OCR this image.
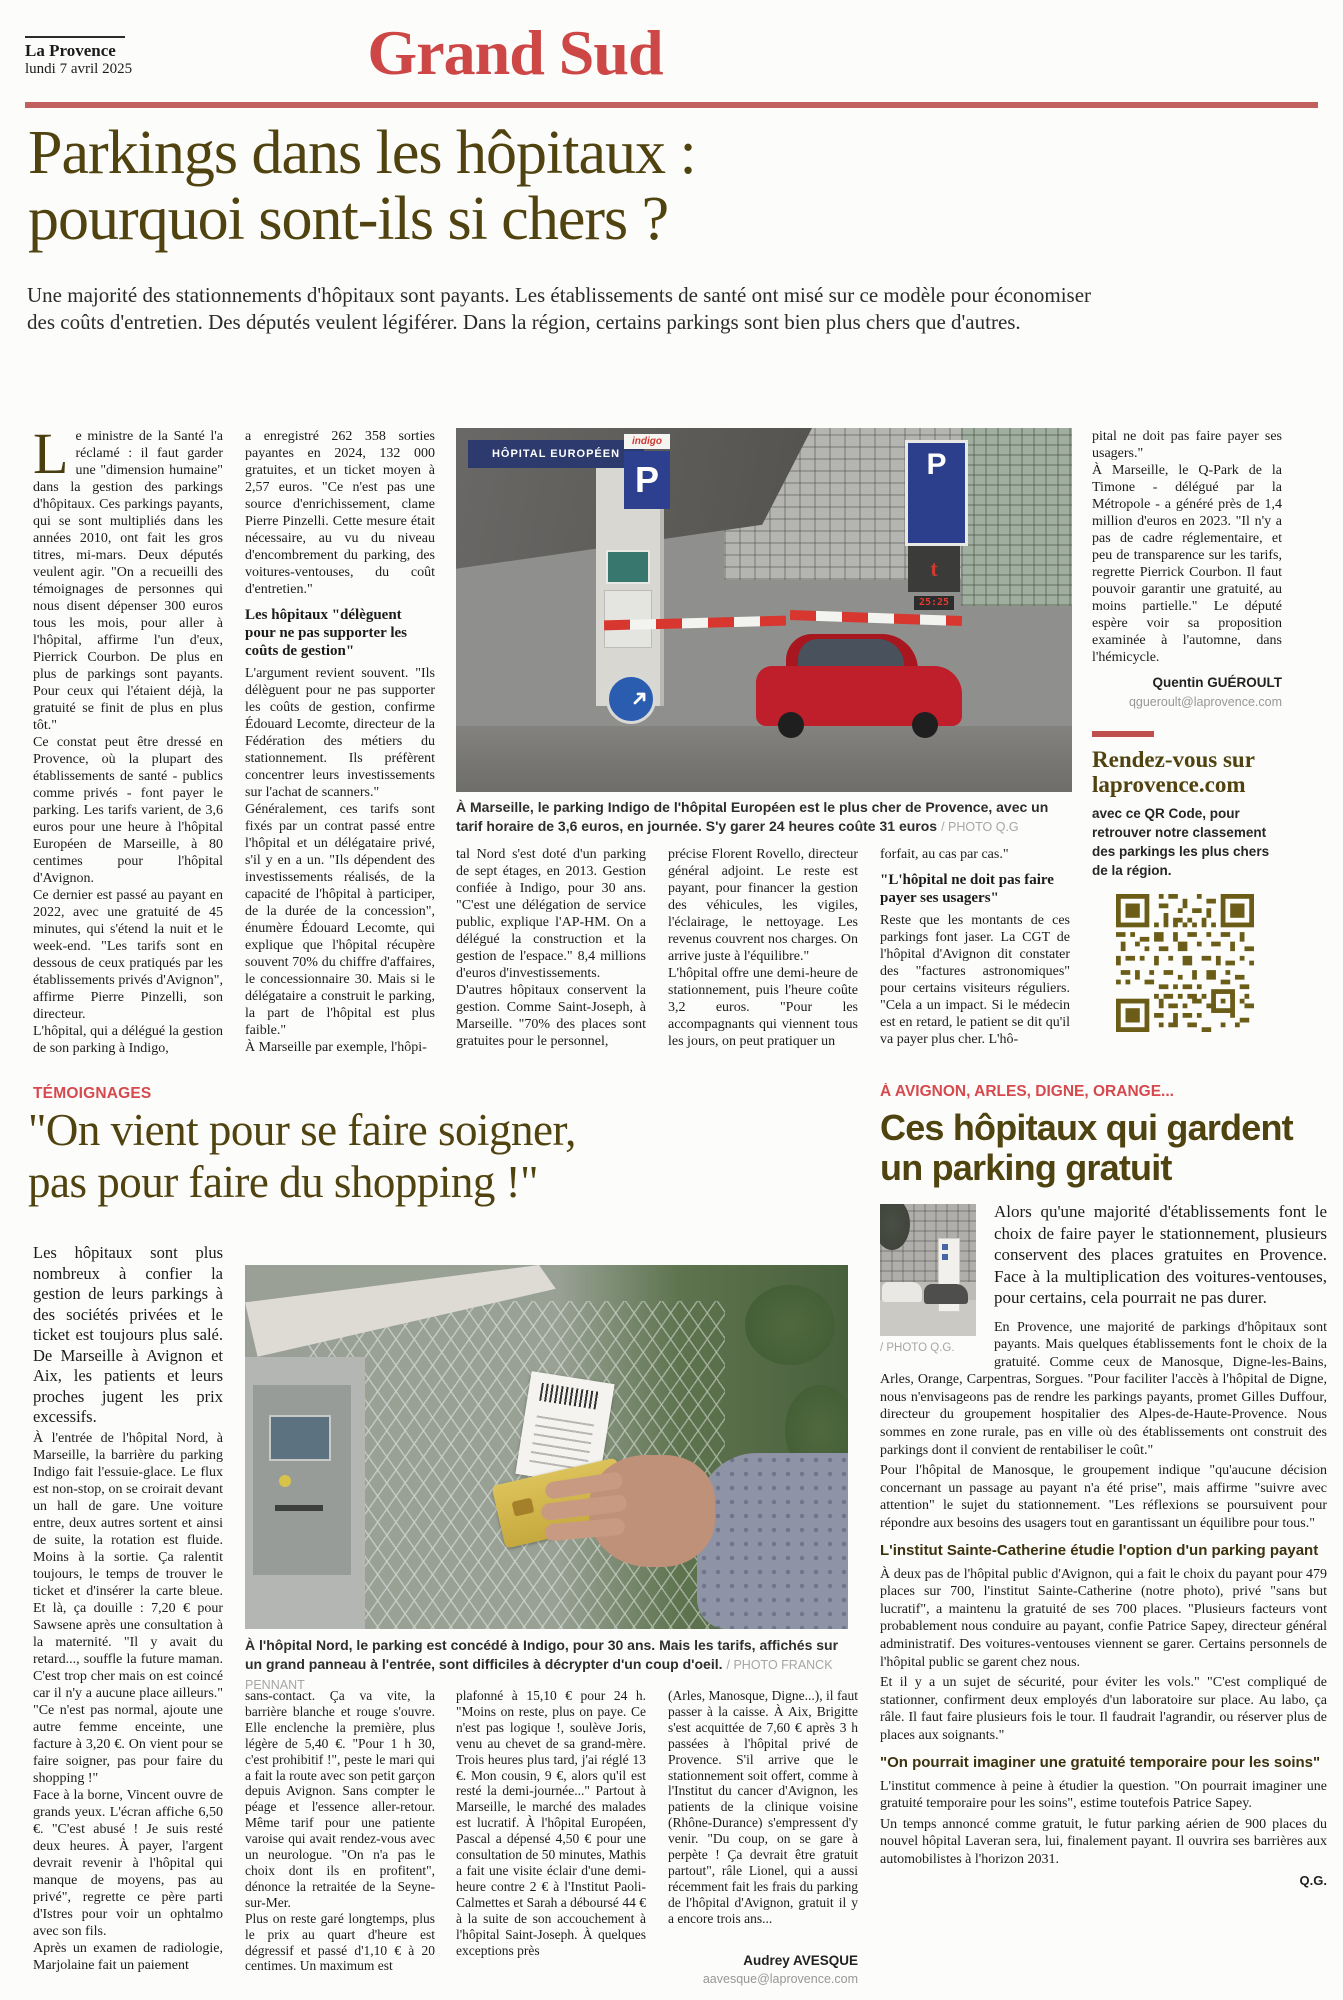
La Provence
lundi 7 avril 2025	Grand Sud
Parkings dans les hôpitaux :
pourquoi sont-ils si chers ?

Une majorité des stationnements d'hôpitaux sont payants. Les établissements de santé ont misé sur ce modèle pour économiser
des coûts d'entretien. Des députés veulent légiférer. Dans la région, certains parkings sont bien plus chers que d'autres.

Le ministre de la Santé l'a réclamé : il faut garder une "dimension humaine" dans la gestion des parkings d'hôpitaux. Ces parkings payants, qui se sont multipliés dans les années 2010, ont fait les gros titres, mi-mars. Deux députés veulent agir. "On a recueilli des témoignages de personnes qui nous disent dépenser 300 euros tous les mois, pour aller à l'hôpital, affirme l'un d'eux, Pierrick Courbon. De plus en plus de parkings sont payants. Pour ceux qui l'étaient déjà, la gratuité se finit de plus en plus tôt."
Ce constat peut être dressé en Provence, où la plupart des établissements de santé - publics comme privés - font payer le parking. Les tarifs varient, de 3,6 euros pour une heure à l'hôpital Européen de Marseille, à 80 centimes pour l'hôpital d'Avignon.
Ce dernier est passé au payant en 2022, avec une gratuité de 45 minutes, qui s'étend la nuit et le week-end. "Les tarifs sont en dessous de ceux pratiqués par les établissements privés d'Avignon", affirme Pierre Pinzelli, son directeur.
L'hôpital, qui a délégué la gestion de son parking à Indigo,
a enregistré 262 358 sorties payantes en 2024, 132 000 gratuites, et un ticket moyen à 2,57 euros. "Ce n'est pas une source d'enrichissement, clame Pierre Pinzelli. Cette mesure était nécessaire, au vu du niveau d'encombrement du parking, des voitures-ventouses, du coût d'entretien."
Les hôpitaux "délèguent pour ne pas supporter les coûts de gestion"
L'argument revient souvent. "Ils délèguent pour ne pas supporter les coûts de gestion, confirme Édouard Lecomte, directeur de la Fédération des métiers du stationnement. Ils préfèrent concentrer leurs investissements sur l'achat de scanners."
Généralement, ces tarifs sont fixés par un contrat passé entre l'hôpital et un délégataire privé, s'il y en a un. "Ils dépendent des investissements réalisés, de la capacité de l'hôpital à participer, de la durée de la concession", énumère Édouard Lecomte, qui explique que l'hôpital récupère souvent 70% du chiffre d'affaires, le concessionnaire 30. Mais si le délégataire a construit le parking, la part de l'hôpital est plus faible."
À Marseille par exemple, l'hôpi-
HÔPITAL EUROPÉEN
indigo
P	P
t
25:25
➜
À Marseille, le parking Indigo de l'hôpital Européen est le plus cher de Provence, avec un tarif horaire de 3,6 euros, en journée. S'y garer 24 heures coûte 31 euros / PHOTO Q.G
tal Nord s'est doté d'un parking de sept étages, en 2013. Gestion confiée à Indigo, pour 30 ans. "C'est une délégation de service public, explique l'AP-HM. On a délégué la construction et la gestion de l'espace." 8,4 millions d'euros d'investissements.
D'autres hôpitaux conservent la gestion. Comme Saint-Joseph, à Marseille. "70% des places sont gratuites pour le personnel,
précise Florent Rovello, directeur général adjoint. Le reste est payant, pour financer la gestion des véhicules, les vigiles, l'éclairage, le nettoyage. Les revenus couvrent nos charges. On arrive juste à l'équilibre."
L'hôpital offre une demi-heure de stationnement, puis l'heure coûte 3,2 euros. "Pour les accompagnants qui viennent tous les jours, on peut pratiquer un
forfait, au cas par cas."
"L'hôpital ne doit pas faire payer ses usagers"
Reste que les montants de ces parkings font jaser. La CGT de l'hôpital d'Avignon dit constater des "factures astronomiques" pour certains visiteurs réguliers. "Cela a un impact. Si le médecin est en retard, le patient se dit qu'il va payer plus cher. L'hô-
pital ne doit pas faire payer ses usagers."
À Marseille, le Q-Park de la Timone - délégué par la Métropole - a généré près de 1,4 million d'euros en 2023. "Il n'y a pas de cadre réglementaire, et peu de transparence sur les tarifs, regrette Pierrick Courbon. Il faut pouvoir garantir une gratuité, au moins partielle." Le député espère voir sa proposition examinée à l'automne, dans l'hémicycle.
Quentin GUÉROULT
qgueroult@laprovence.com
Rendez-vous sur
laprovence.com
avec ce QR Code, pour retrouver notre classement des parkings les plus chers de la région.
TÉMOIGNAGES
"On vient pour se faire soigner,
pas pour faire du shopping !"
Les hôpitaux sont plus nombreux à confier la gestion de leurs parkings à des sociétés privées et le ticket est toujours plus salé. De Marseille à Avignon et Aix, les patients et leurs proches jugent les prix excessifs.
À l'entrée de l'hôpital Nord, à Marseille, la barrière du parking Indigo fait l'essuie-glace. Le flux est non-stop, on se croirait devant un hall de gare. Une voiture entre, deux autres sortent et ainsi de suite, la rotation est fluide. Moins à la sortie. Ça ralentit toujours, le temps de trouver le ticket et d'insérer la carte bleue. Et là, ça douille : 7,20 € pour Sawsene après une consultation à la maternité. "Il y avait du retard..., souffle la future maman. C'est trop cher mais on est coincé car il n'y a aucune place ailleurs." "Ce n'est pas normal, ajoute une autre femme enceinte, une facture à 3,20 €. On vient pour se faire soigner, pas pour faire du shopping !"
Face à la borne, Vincent ouvre de grands yeux. L'écran affiche 6,50 €. "C'est abusé ! Je suis resté deux heures. À payer, l'argent devrait revenir à l'hôpital qui manque de moyens, pas au privé", regrette ce père parti d'Istres pour voir un ophtalmo avec son fils.
Après un examen de radiologie, Marjolaine fait un paiement
À l'hôpital Nord, le parking est concédé à Indigo, pour 30 ans. Mais les tarifs, affichés sur un grand panneau à l'entrée, sont difficiles à décrypter d'un coup d'oeil. / PHOTO FRANCK PENNANT
sans-contact. Ça va vite, la barrière blanche et rouge s'ouvre. Elle enclenche la première, plus légère de 5,40 €. "Pour 1 h 30, c'est prohibitif !", peste le mari qui a fait la route avec son petit garçon depuis Avignon. Sans compter le péage et l'essence aller-retour. Même tarif pour une patiente varoise qui avait rendez-vous avec un neurologue. "On n'a pas le choix dont ils en profitent", dénonce la retraitée de la Seyne-sur-Mer.
Plus on reste garé longtemps, plus le prix au quart d'heure est dégressif et passé d'1,10 € à 20 centimes. Un maximum est
plafonné à 15,10 € pour 24 h. "Moins on reste, plus on paye. Ce n'est pas logique !, soulève Joris, venu au chevet de sa grand-mère. Trois heures plus tard, j'ai réglé 13 €. Mon cousin, 9 €, alors qu'il est resté la demi-journée..." Partout à Marseille, le marché des malades est lucratif. À l'hôpital Européen, Pascal a dépensé 4,50 € pour une consultation de 50 minutes, Mathis a fait une visite éclair d'une demi-heure contre 2 € à l'Institut Paoli-Calmettes et Sarah a déboursé 44 € à la suite de son accouchement à l'hôpital Saint-Joseph. À quelques exceptions près
(Arles, Manosque, Digne...), il faut passer à la caisse. À Aix, Brigitte s'est acquittée de 7,60 € après 3 h passées à l'hôpital privé de Provence. S'il arrive que le stationnement soit offert, comme à l'Institut du cancer d'Avignon, les patients de la clinique voisine (Rhône-Durance) s'empressent d'y venir. "Du coup, on se gare à perpète ! Ça devrait être gratuit partout", râle Lionel, qui a aussi récemment fait les frais du parking de l'hôpital d'Avignon, gratuit il y a encore trois ans...
Audrey AVESQUE
aavesque@laprovence.com
À AVIGNON, ARLES, DIGNE, ORANGE...
Ces hôpitaux qui gardent
un parking gratuit
/ PHOTO Q.G.

Alors qu'une majorité d'établissements font le choix de faire payer le stationnement, plusieurs conservent des places gratuites en Provence. Face à la multiplication des voitures-ventouses, pour certains, cela pourrait ne pas durer.

En Provence, une majorité de parkings d'hôpitaux sont payants. Mais quelques établissements font le choix de la gratuité. Comme ceux de Manosque, Digne-les-Bains, Arles, Orange, Carpentras, Sorgues. "Pour faciliter l'accès à l'hôpital de Digne, nous n'envisageons pas de rendre les parkings payants, promet Gilles Duffour, directeur du groupement hospitalier des Alpes-de-Haute-Provence. Nous sommes en zone rurale, pas en ville où des établissements ont construit des parkings dont il convient de rentabiliser le coût."

Pour l'hôpital de Manosque, le groupement indique "qu'aucune décision concernant un passage au payant n'a été prise", mais affirme "suivre avec attention" le sujet du stationnement. "Les réflexions se poursuivent pour répondre aux besoins des usagers tout en garantissant un équilibre pour tous."

L'institut Sainte-Catherine étudie l'option d'un parking payant

À deux pas de l'hôpital public d'Avignon, qui a fait le choix du payant pour 479 places sur 700, l'institut Sainte-Catherine (notre photo), privé "sans but lucratif", a maintenu la gratuité de ses 700 places. "Plusieurs facteurs vont probablement nous conduire au payant, confie Patrice Sapey, directeur général administratif. Des voitures-ventouses viennent se garer. Certains personnels de l'hôpital public se garent chez nous.

Et il y a un sujet de sécurité, pour éviter les vols." "C'est compliqué de stationner, confirment deux employés d'un laboratoire sur place. Au labo, ça râle. Il faut faire plusieurs fois le tour. Il faudrait l'agrandir, ou réserver plus de places aux soignants."

"On pourrait imaginer une gratuité temporaire pour les soins"

L'institut commence à peine à étudier la question. "On pourrait imaginer une gratuité temporaire pour les soins", estime toutefois Patrice Sapey.

Un temps annoncé comme gratuit, le futur parking aérien de 900 places du nouvel hôpital Laveran sera, lui, finalement payant. Il ouvrira ses barrières aux automobilistes à l'horizon 2031.

Q.G.
